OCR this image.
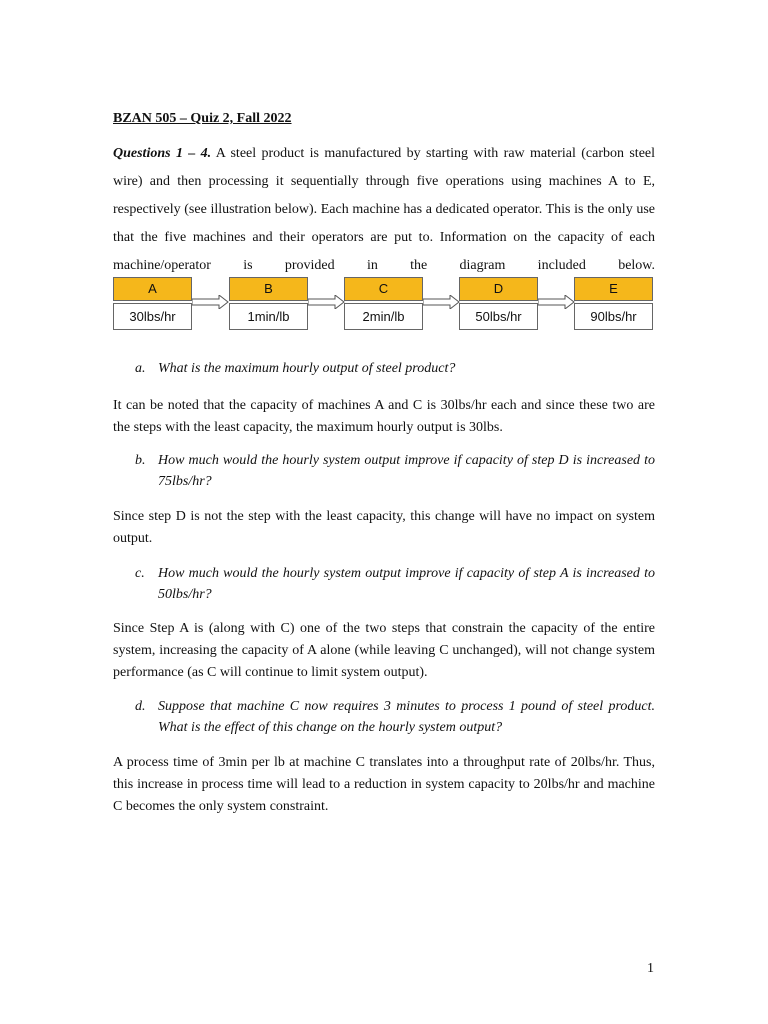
BZAN 505 – Quiz 2, Fall 2022

Questions 1 – 4. A steel product is manufactured by starting with raw material (carbon steel wire) and then processing it sequentially through five operations using machines A to E, respectively (see illustration below). Each machine has a dedicated operator. This is the only use that the five machines and their operators are put to. Information on the capacity of each machine/operator is provided in the diagram included below.

A
30lbs/hr
B
1min/lb
C
2min/lb
D
50lbs/hr
E
90lbs/hr

a. What is the maximum hourly output of steel product?

It can be noted that the capacity of machines A and C is 30lbs/hr each and since these two are the steps with the least capacity, the maximum hourly output is 30lbs.

b. How much would the hourly system output improve if capacity of step D is increased to 75lbs/hr?

Since step D is not the step with the least capacity, this change will have no impact on system output.

c. How much would the hourly system output improve if capacity of step A is increased to 50lbs/hr?

Since Step A is (along with C) one of the two steps that constrain the capacity of the entire system, increasing the capacity of A alone (while leaving C unchanged), will not change system performance (as C will continue to limit system output).

d. Suppose that machine C now requires 3 minutes to process 1 pound of steel product. What is the effect of this change on the hourly system output?

A process time of 3min per lb at machine C translates into a throughput rate of 20lbs/hr. Thus, this increase in process time will lead to a reduction in system capacity to 20lbs/hr and machine C becomes the only system constraint.

1
